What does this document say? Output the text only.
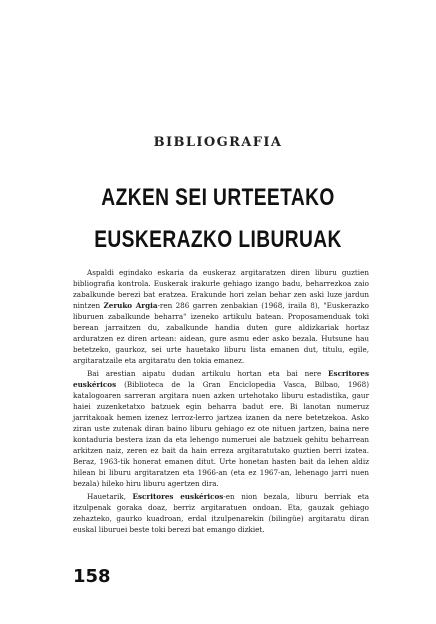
BIBLIOGRAFIA
AZKEN SEI URTEETAKO
EUSKERAZKO LIBURUAK

Aspaldi egindako eskaria da euskeraz argitaratzen diren liburu guztien bibliografia kontrola. Euskerak irakurle gehiago izango badu, beharrezkoa zaio zabalkunde berezi bat eratzea. Erakunde hori zelan behar zen aski luze jardun nintzen Zeruko Argia-ren 286 garren zenbakian (1968, iraila 8), "Euskerazko liburuen zabalkunde beharra" izeneko artikulu batean. Proposamenduak toki berean jarraitzen du, zabalkunde handia duten gure aldizkariak hortaz arduratzen ez diren artean: aidean, gure asmu eder asko bezala. Hutsune hau betetzeko, gaurkoz, sei urte hauetako liburu lista emanen dut, titulu, egile, argitaratzaile eta argitaratu den tokia emanez.

Bai arestian aipatu dudan artikulu hortan eta bai nere Escritores euskéricos (Biblioteca de la Gran Enciclopedia Vasca, Bilbao, 1968) katalogoaren sarreran argitara nuen azken urtehotako liburu estadistika, gaur haiei zuzenketatxo batzuek egin beharra badut ere. Bi lanotan numeruz jarritakoak hemen izenez lerroz-lerro jartzea izanen da nere betetzekoa. Asko ziran uste zutenak diran baino liburu gehiago ez ote nituen jartzen, baina nere kontaduria bestera izan da eta lehengo numeruei ale batzuek gehitu beharrean arkitzen naiz, zeren ez bait da hain erreza argitaratutako guztien berri izatea. Beraz, 1963-tik honerat emanen ditut. Urte honetan hasten bait da lehen aldiz hilean bi liburu argitaratzen eta 1966-an (eta ez 1967-an, lehenago jarri nuen bezala) hileko hiru liburu agertzen dira.

Hauetarik, Escritores euskéricos-en nion bezala, liburu berriak eta itzulpenak goraka doaz, berriz argitaratuen ondoan. Eta, gauzak gehiago zehazteko, gaurko kuadroan, erdal itzulpenarekin (bilingüe) argitaratu diran euskal liburuei beste toki berezi bat emango dizkiet.

158
